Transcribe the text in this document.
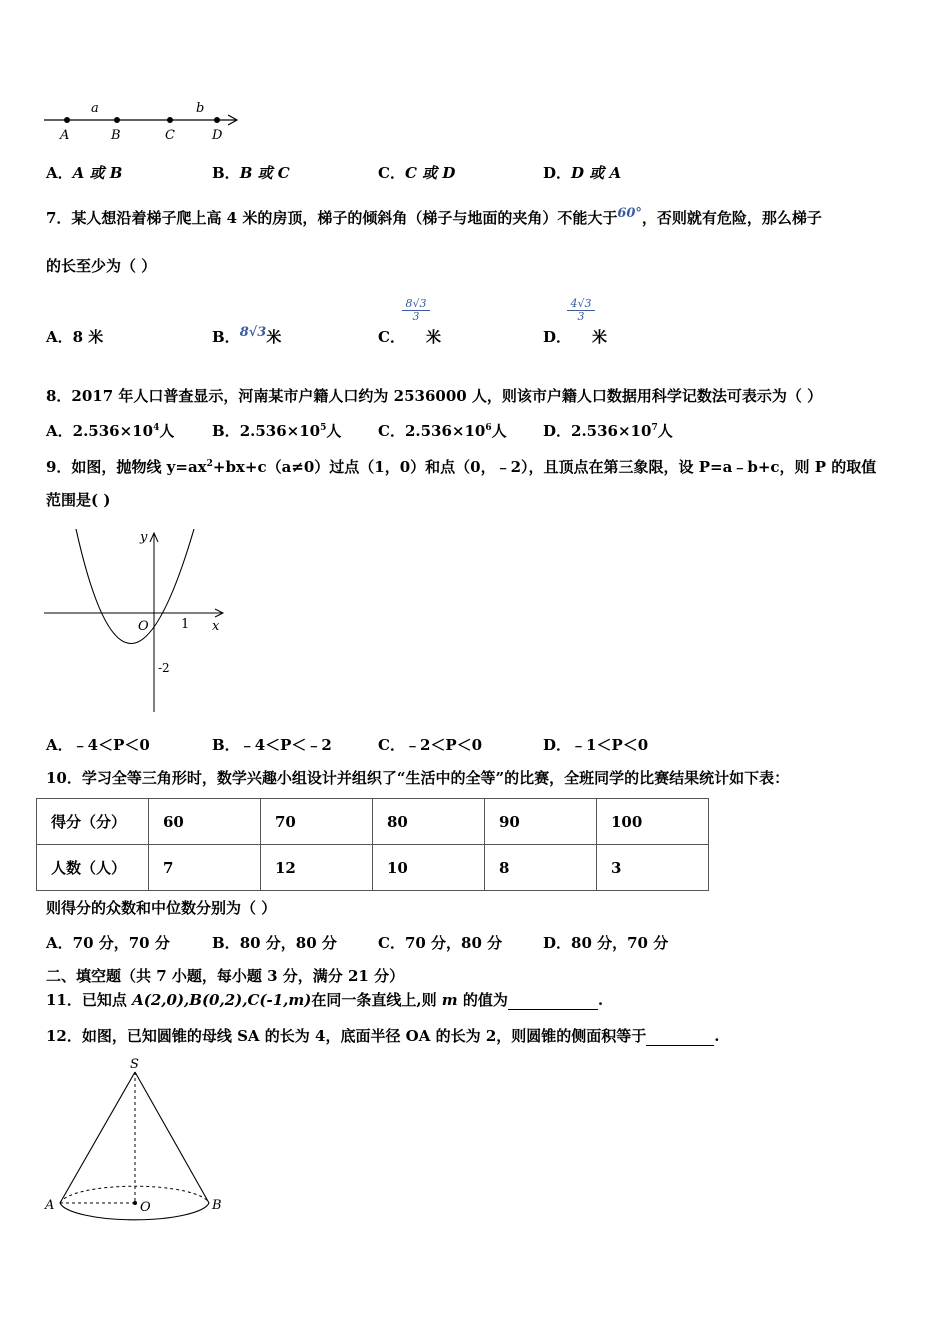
A	B	C	D
a	b
A．A 或 B	B．B 或 C	C．C 或 D	D．D 或 A
7．某人想沿着梯子爬上高 4 米的房顶，梯子的倾斜角（梯子与地面的夹角）不能大于60°，否则就有危险，那么梯子
的长至少为（ ）
A．8 米	B．8√3米	C．
$\frac{8√3}{3}$
米	D．
$\frac{4√3}{3}$
米
8．2017 年人口普查显示，河南某市户籍人口约为 2536000 人，则该市户籍人口数据用科学记数法可表示为（ ）
A．$2.536\times 10^4$人	B．$2.536\times 10^5$人 C．$2.536\times 10^6$人 D．$2.536\times 10^7$人
9．如图，抛物线 $y=ax^2+bx+c(a\ne 0)$过点（1，0）和点（0，﹣2），且顶点在第三象限，设 P=a﹣b+c，则 P 的取值
范围是( )
y
x
O 1
-2
A．﹣4＜P＜0	B．﹣4＜P＜﹣2	C．﹣2＜P＜0	D．﹣1＜P＜0
10．学习全等三角形时，数学兴趣小组设计并组织了“生活中的全等”的比赛，全班同学的比赛结果统计如下表：
得分（分）	60	70	80	90	100
人数（人）	7	12	10	8	3
则得分的众数和中位数分别为（ ）
A．70 分，70 分	B．80 分，80 分	C．70 分，80 分	D．80 分，70 分
二、填空题（共 7 小题，每小题 3 分，满分 21 分）
11．已知点 A(2,0),B(0,2),C(-1,m)在同一条直线上,则 m 的值为	.
12．如图，已知圆锥的母线 SA 的长为 4，底面半径 OA 的长为 2，则圆锥的侧面积等于	.
S
A	O	B
